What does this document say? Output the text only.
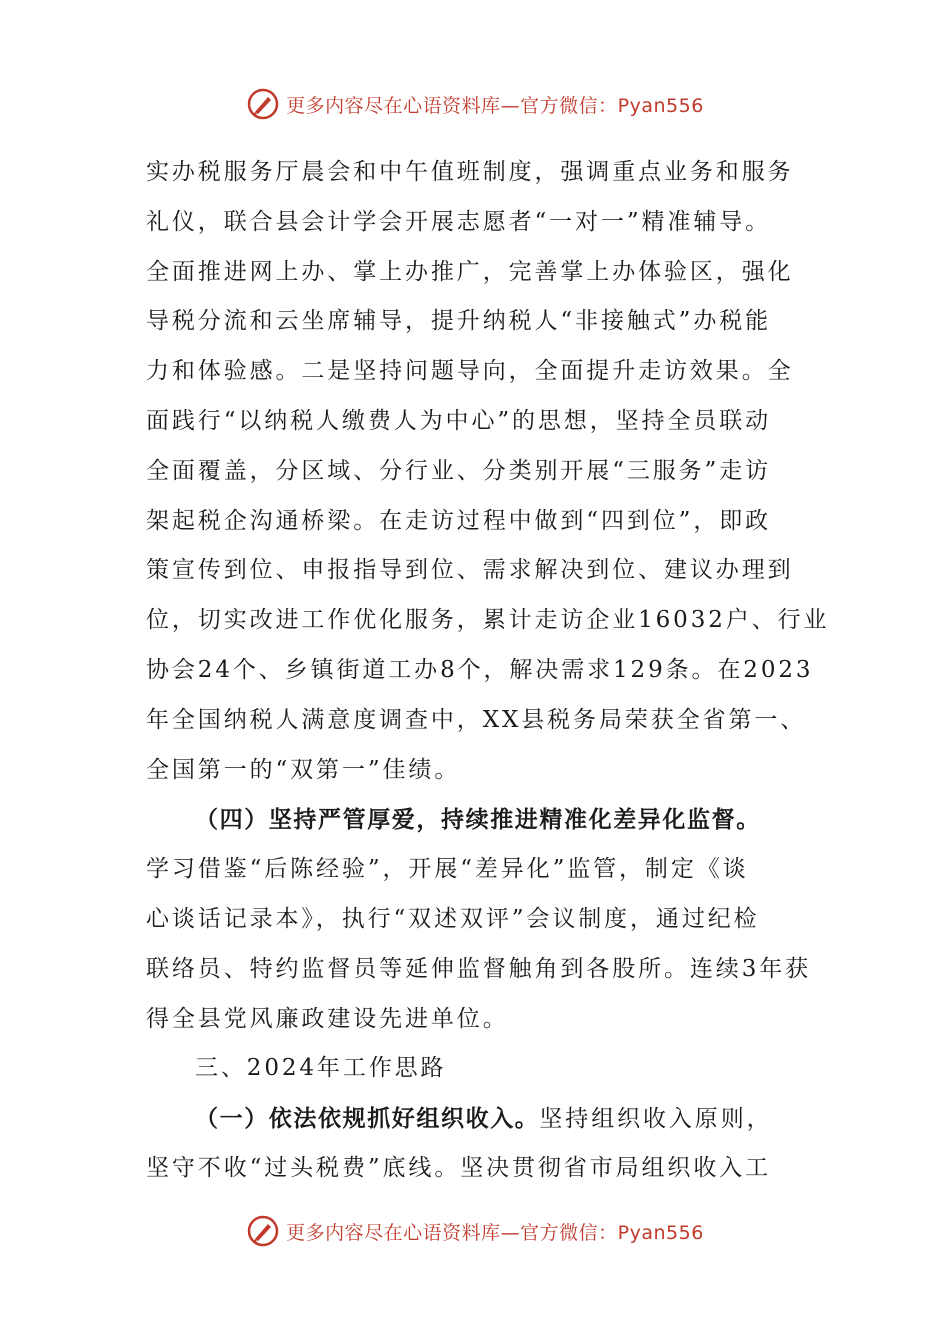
更多内容尽在心语资料库—官方微信：Pyan556
实办税服务厅晨会和中午值班制度，强调重点业务和服务
礼仪，联合县会计学会开展志愿者“一对一”精准辅导。
全面推进网上办、掌上办推广，完善掌上办体验区，强化
导税分流和云坐席辅导，提升纳税人“非接触式”办税能
力和体验感。二是坚持问题导向，全面提升走访效果。全
面践行“以纳税人缴费人为中心”的思想，坚持全员联动
全面覆盖，分区域、分行业、分类别开展“三服务”走访
架起税企沟通桥梁。在走访过程中做到“四到位”，即政
策宣传到位、申报指导到位、需求解决到位、建议办理到
位，切实改进工作优化服务，累计走访企业16032户、行业
协会24个、乡镇街道工办8个，解决需求129条。在2023
年全国纳税人满意度调查中，XX县税务局荣获全省第一、
全国第一的“双第一”佳绩。
（四）坚持严管厚爱，持续推进精准化差异化监督。
学习借鉴“后陈经验”，开展“差异化”监管，制定《谈
心谈话记录本》，执行“双述双评”会议制度，通过纪检
联络员、特约监督员等延伸监督触角到各股所。连续3年获
得全县党风廉政建设先进单位。
三、2024年工作思路
（一）依法依规抓好组织收入。坚持组织收入原则，
坚守不收“过头税费”底线。坚决贯彻省市局组织收入工
更多内容尽在心语资料库—官方微信：Pyan556
